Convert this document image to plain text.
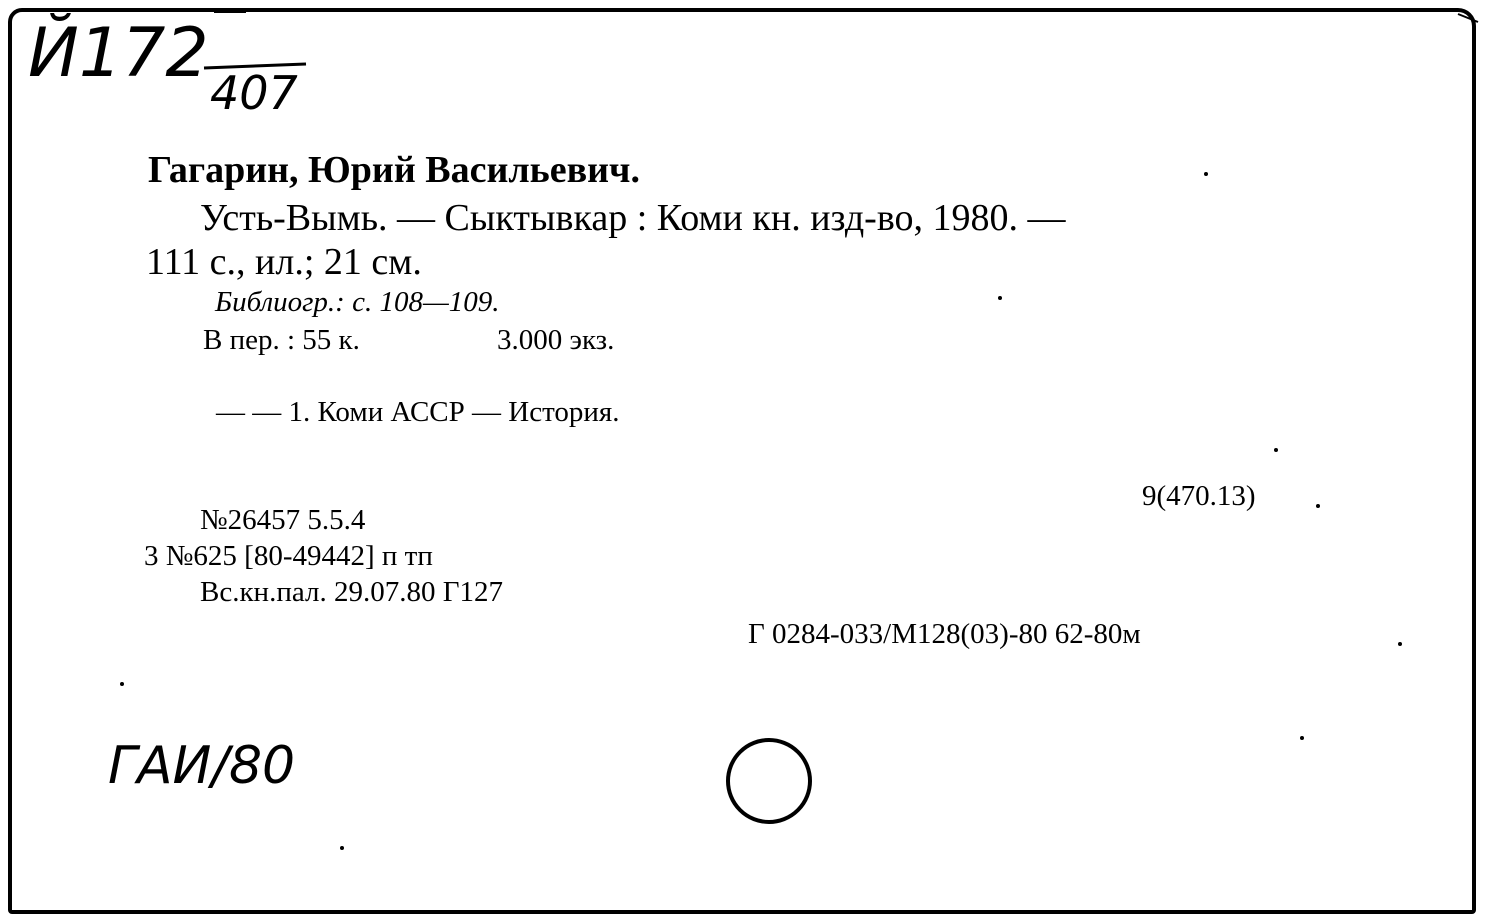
Й172 407
Гагарин, Юрий Васильевич.
Усть-Вымь. — Сыктывкар : Коми кн. изд-во, 1980. —
111 с., ил.; 21 см.
Библиогр.: с. 108—109.
В пер. : 55 к.	3.000 экз.
— — 1. Коми АССР — История.
9(470.13)
№26457 5.5.4
3 №625 [80-49442] п тп
Вс.кн.пал. 29.07.80 Г127
Г 0284-033/М128(03)-80 62-80м
ГАИ/80
